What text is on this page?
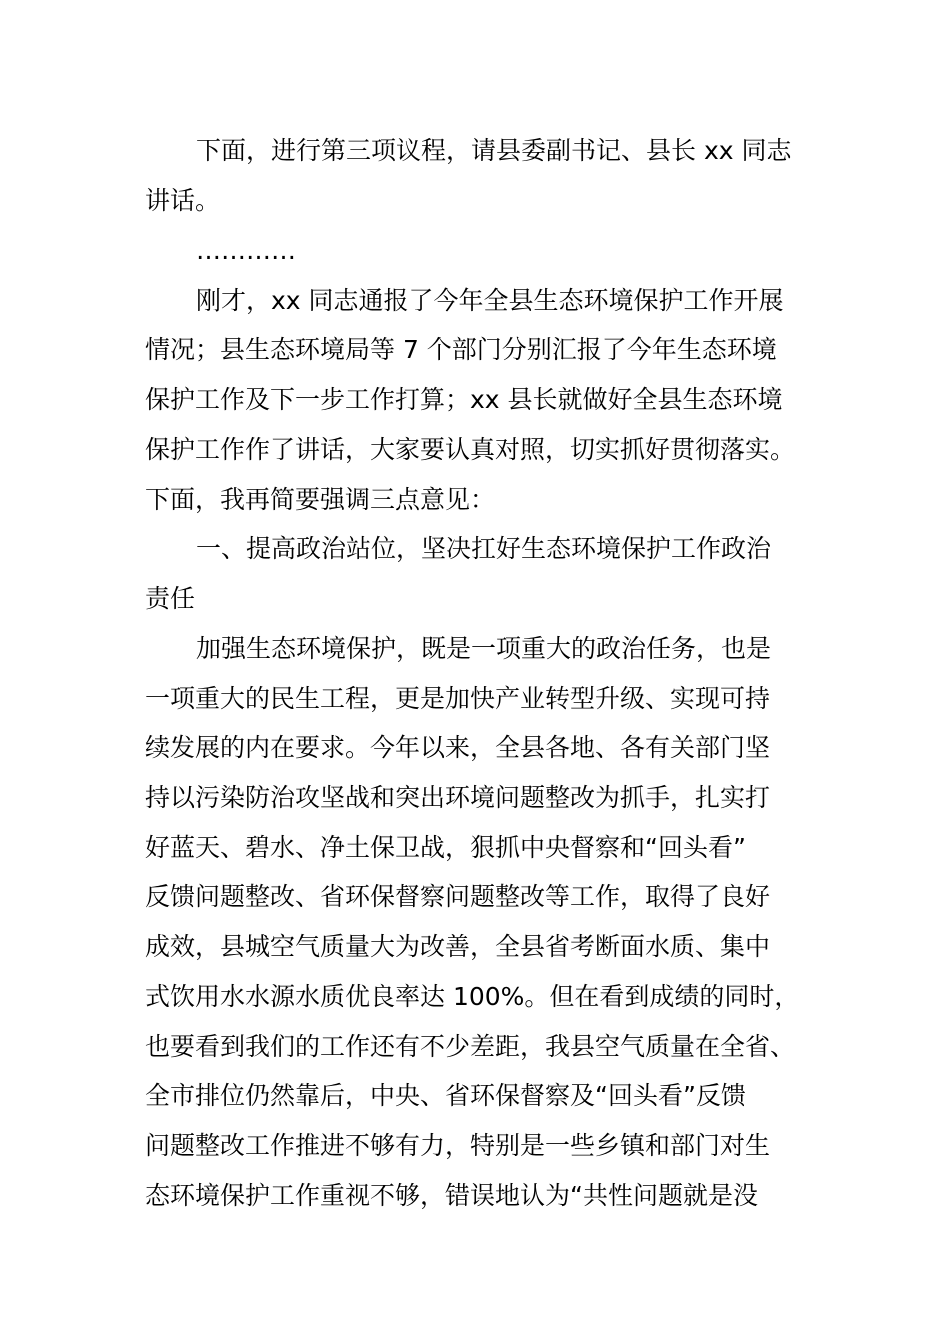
下面，进行第三项议程，请县委副书记、县长 xx 同志

讲话。

…………

刚才，xx 同志通报了今年全县生态环境保护工作开展

情况；县生态环境局等 7 个部门分别汇报了今年生态环境

保护工作及下一步工作打算；xx 县长就做好全县生态环境

保护工作作了讲话，大家要认真对照，切实抓好贯彻落实。

下面，我再简要强调三点意见：

一、提高政治站位，坚决扛好生态环境保护工作政治

责任

加强生态环境保护，既是一项重大的政治任务，也是

一项重大的民生工程，更是加快产业转型升级、实现可持

续发展的内在要求。今年以来，全县各地、各有关部门坚

持以污染防治攻坚战和突出环境问题整改为抓手，扎实打

好蓝天、碧水、净土保卫战，狠抓中央督察和“回头看”

反馈问题整改、省环保督察问题整改等工作，取得了良好

成效，县城空气质量大为改善，全县省考断面水质、集中

式饮用水水源水质优良率达 100%。但在看到成绩的同时，

也要看到我们的工作还有不少差距，我县空气质量在全省、

全市排位仍然靠后，中央、省环保督察及“回头看”反馈

问题整改工作推进不够有力，特别是一些乡镇和部门对生

态环境保护工作重视不够，错误地认为“共性问题就是没
